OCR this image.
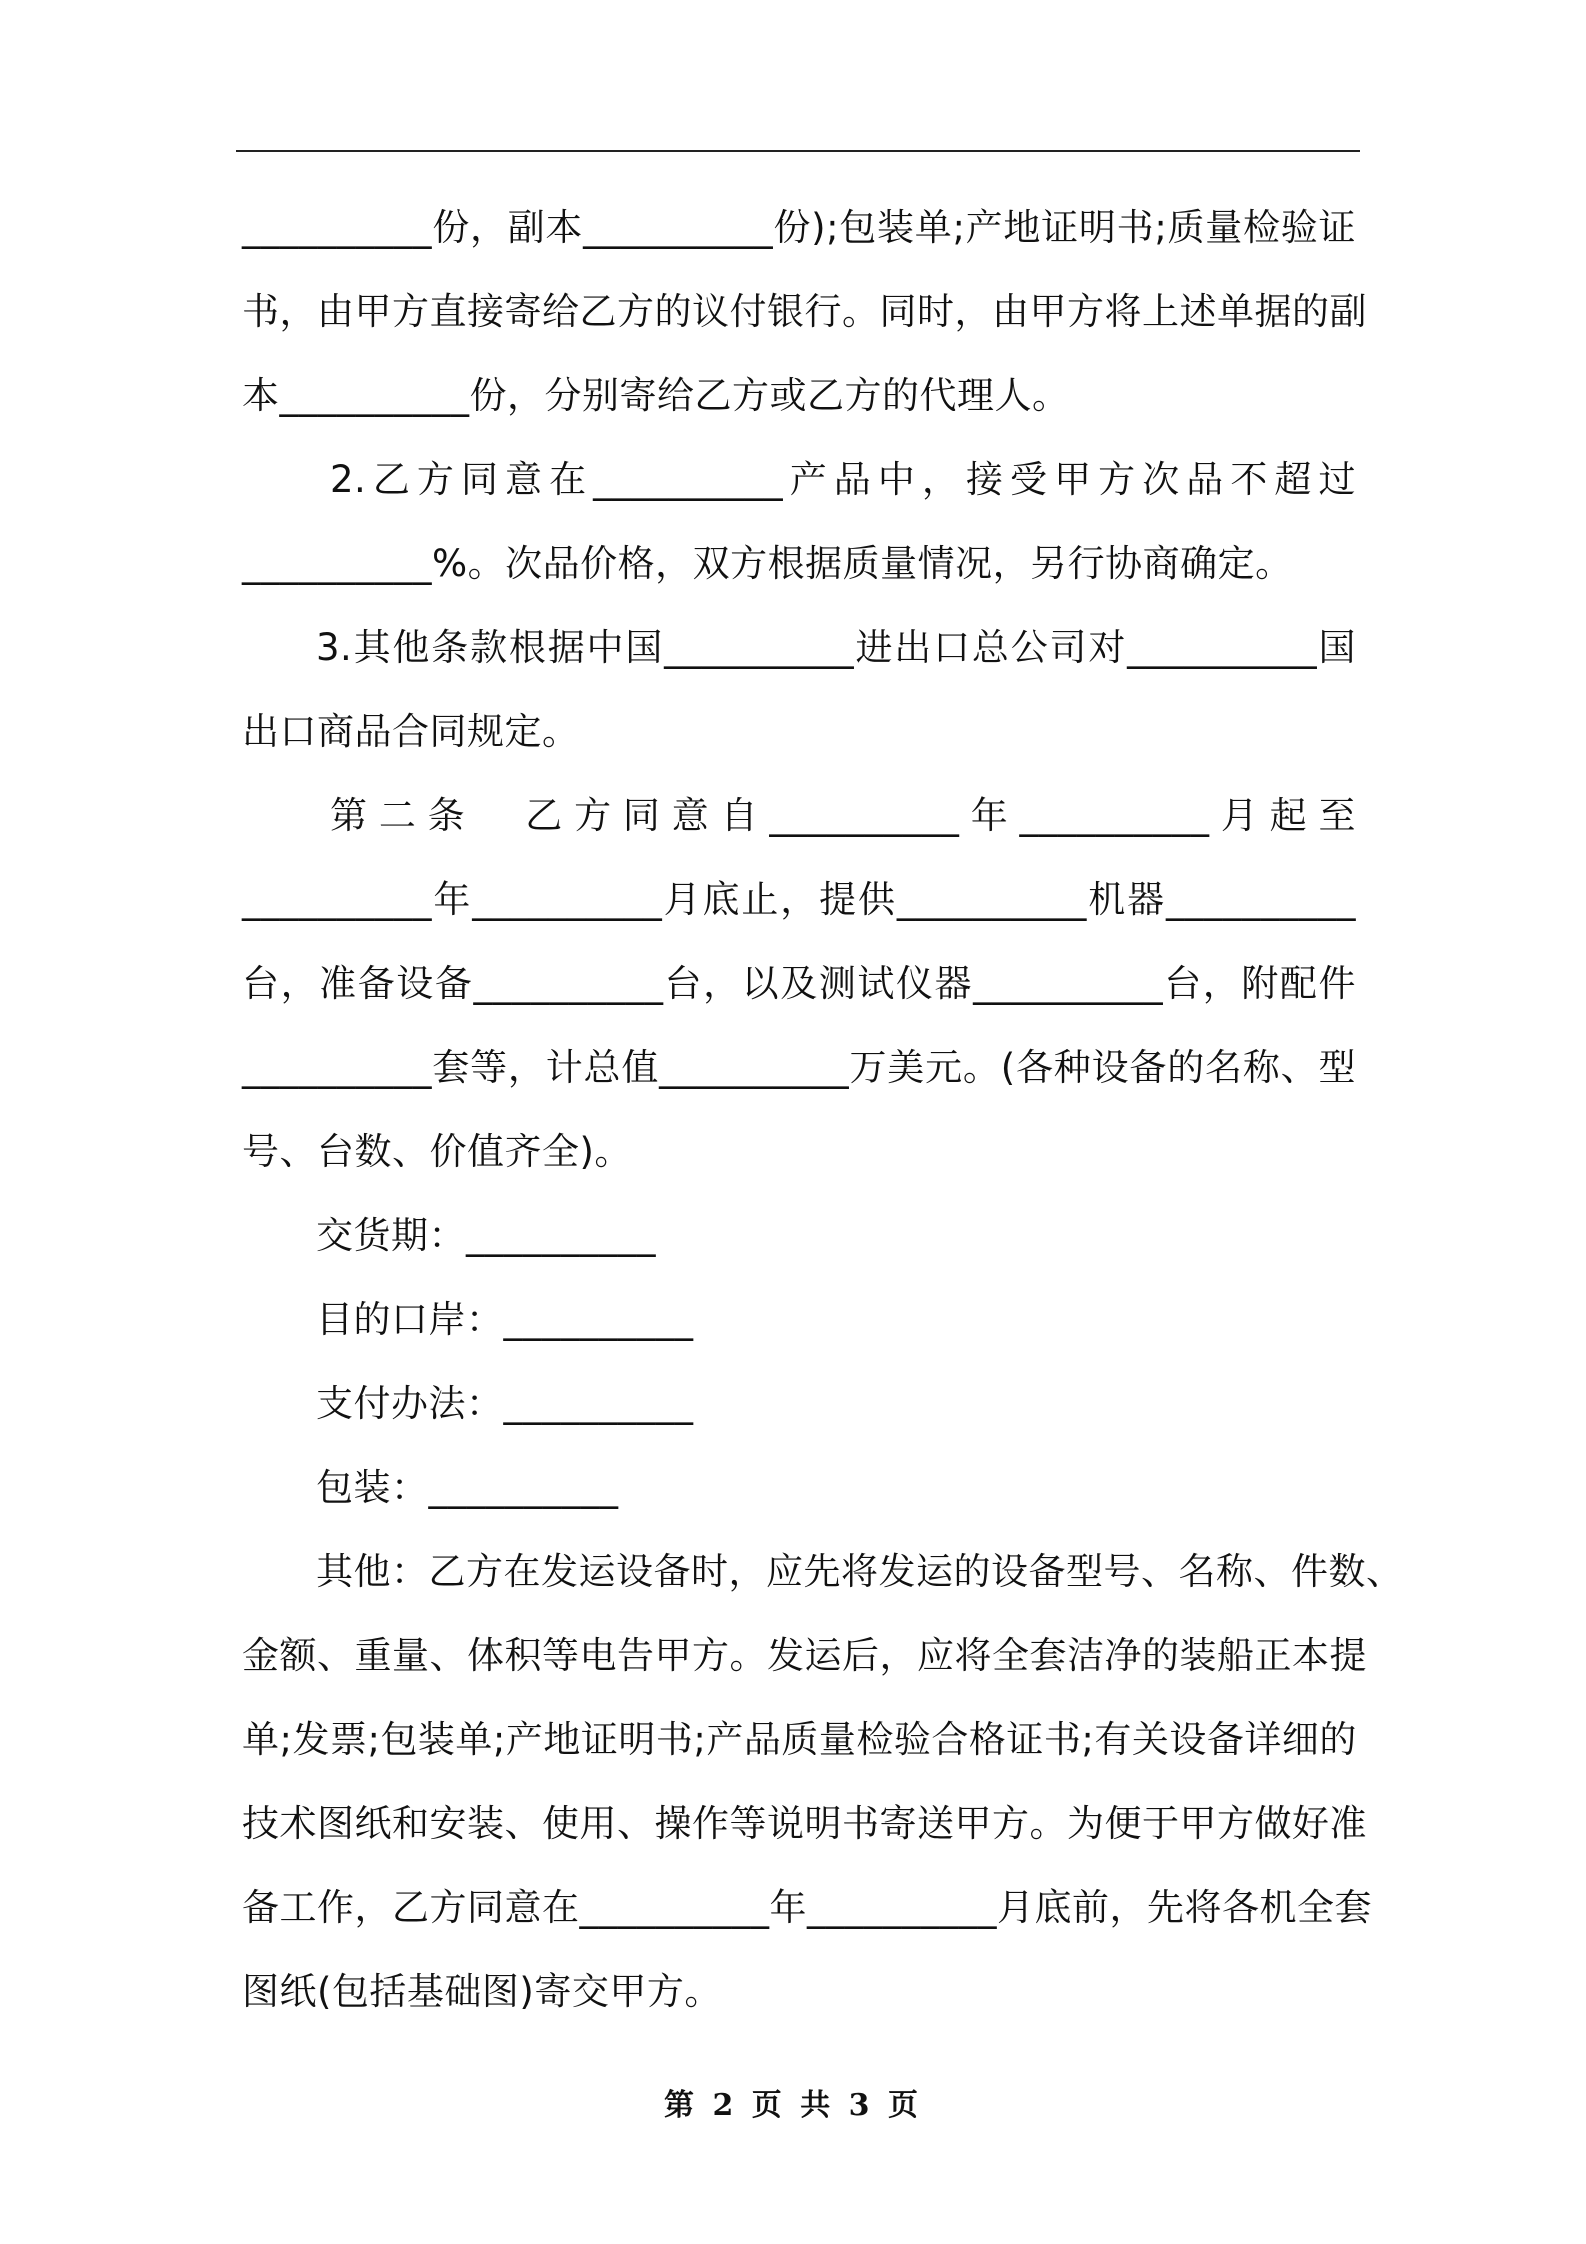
__________份，副本__________份);包装单;产地证明书;质量检验证
书，由甲方直接寄给乙方的议付银行。同时，由甲方将上述单据的副
本__________份，分别寄给乙方或乙方的代理人。
2.乙方同意在__________产品中，接受甲方次品不超过
__________%。次品价格，双方根据质量情况，另行协商确定。
3.其他条款根据中国__________进出口总公司对__________国
出口商品合同规定。
第二条　乙方同意自__________年__________月起至
__________年__________月底止，提供__________机器__________
台，准备设备__________台，以及测试仪器__________台，附配件
__________套等，计总值__________万美元。(各种设备的名称、型
号、台数、价值齐全)。
交货期：__________
目的口岸：__________
支付办法：__________
包装：__________
其他：乙方在发运设备时，应先将发运的设备型号、名称、件数、
金额、重量、体积等电告甲方。发运后，应将全套洁净的装船正本提
单;发票;包装单;产地证明书;产品质量检验合格证书;有关设备详细的
技术图纸和安装、使用、操作等说明书寄送甲方。为便于甲方做好准
备工作，乙方同意在__________年__________月底前，先将各机全套
图纸(包括基础图)寄交甲方。
第 2 页 共 3 页
